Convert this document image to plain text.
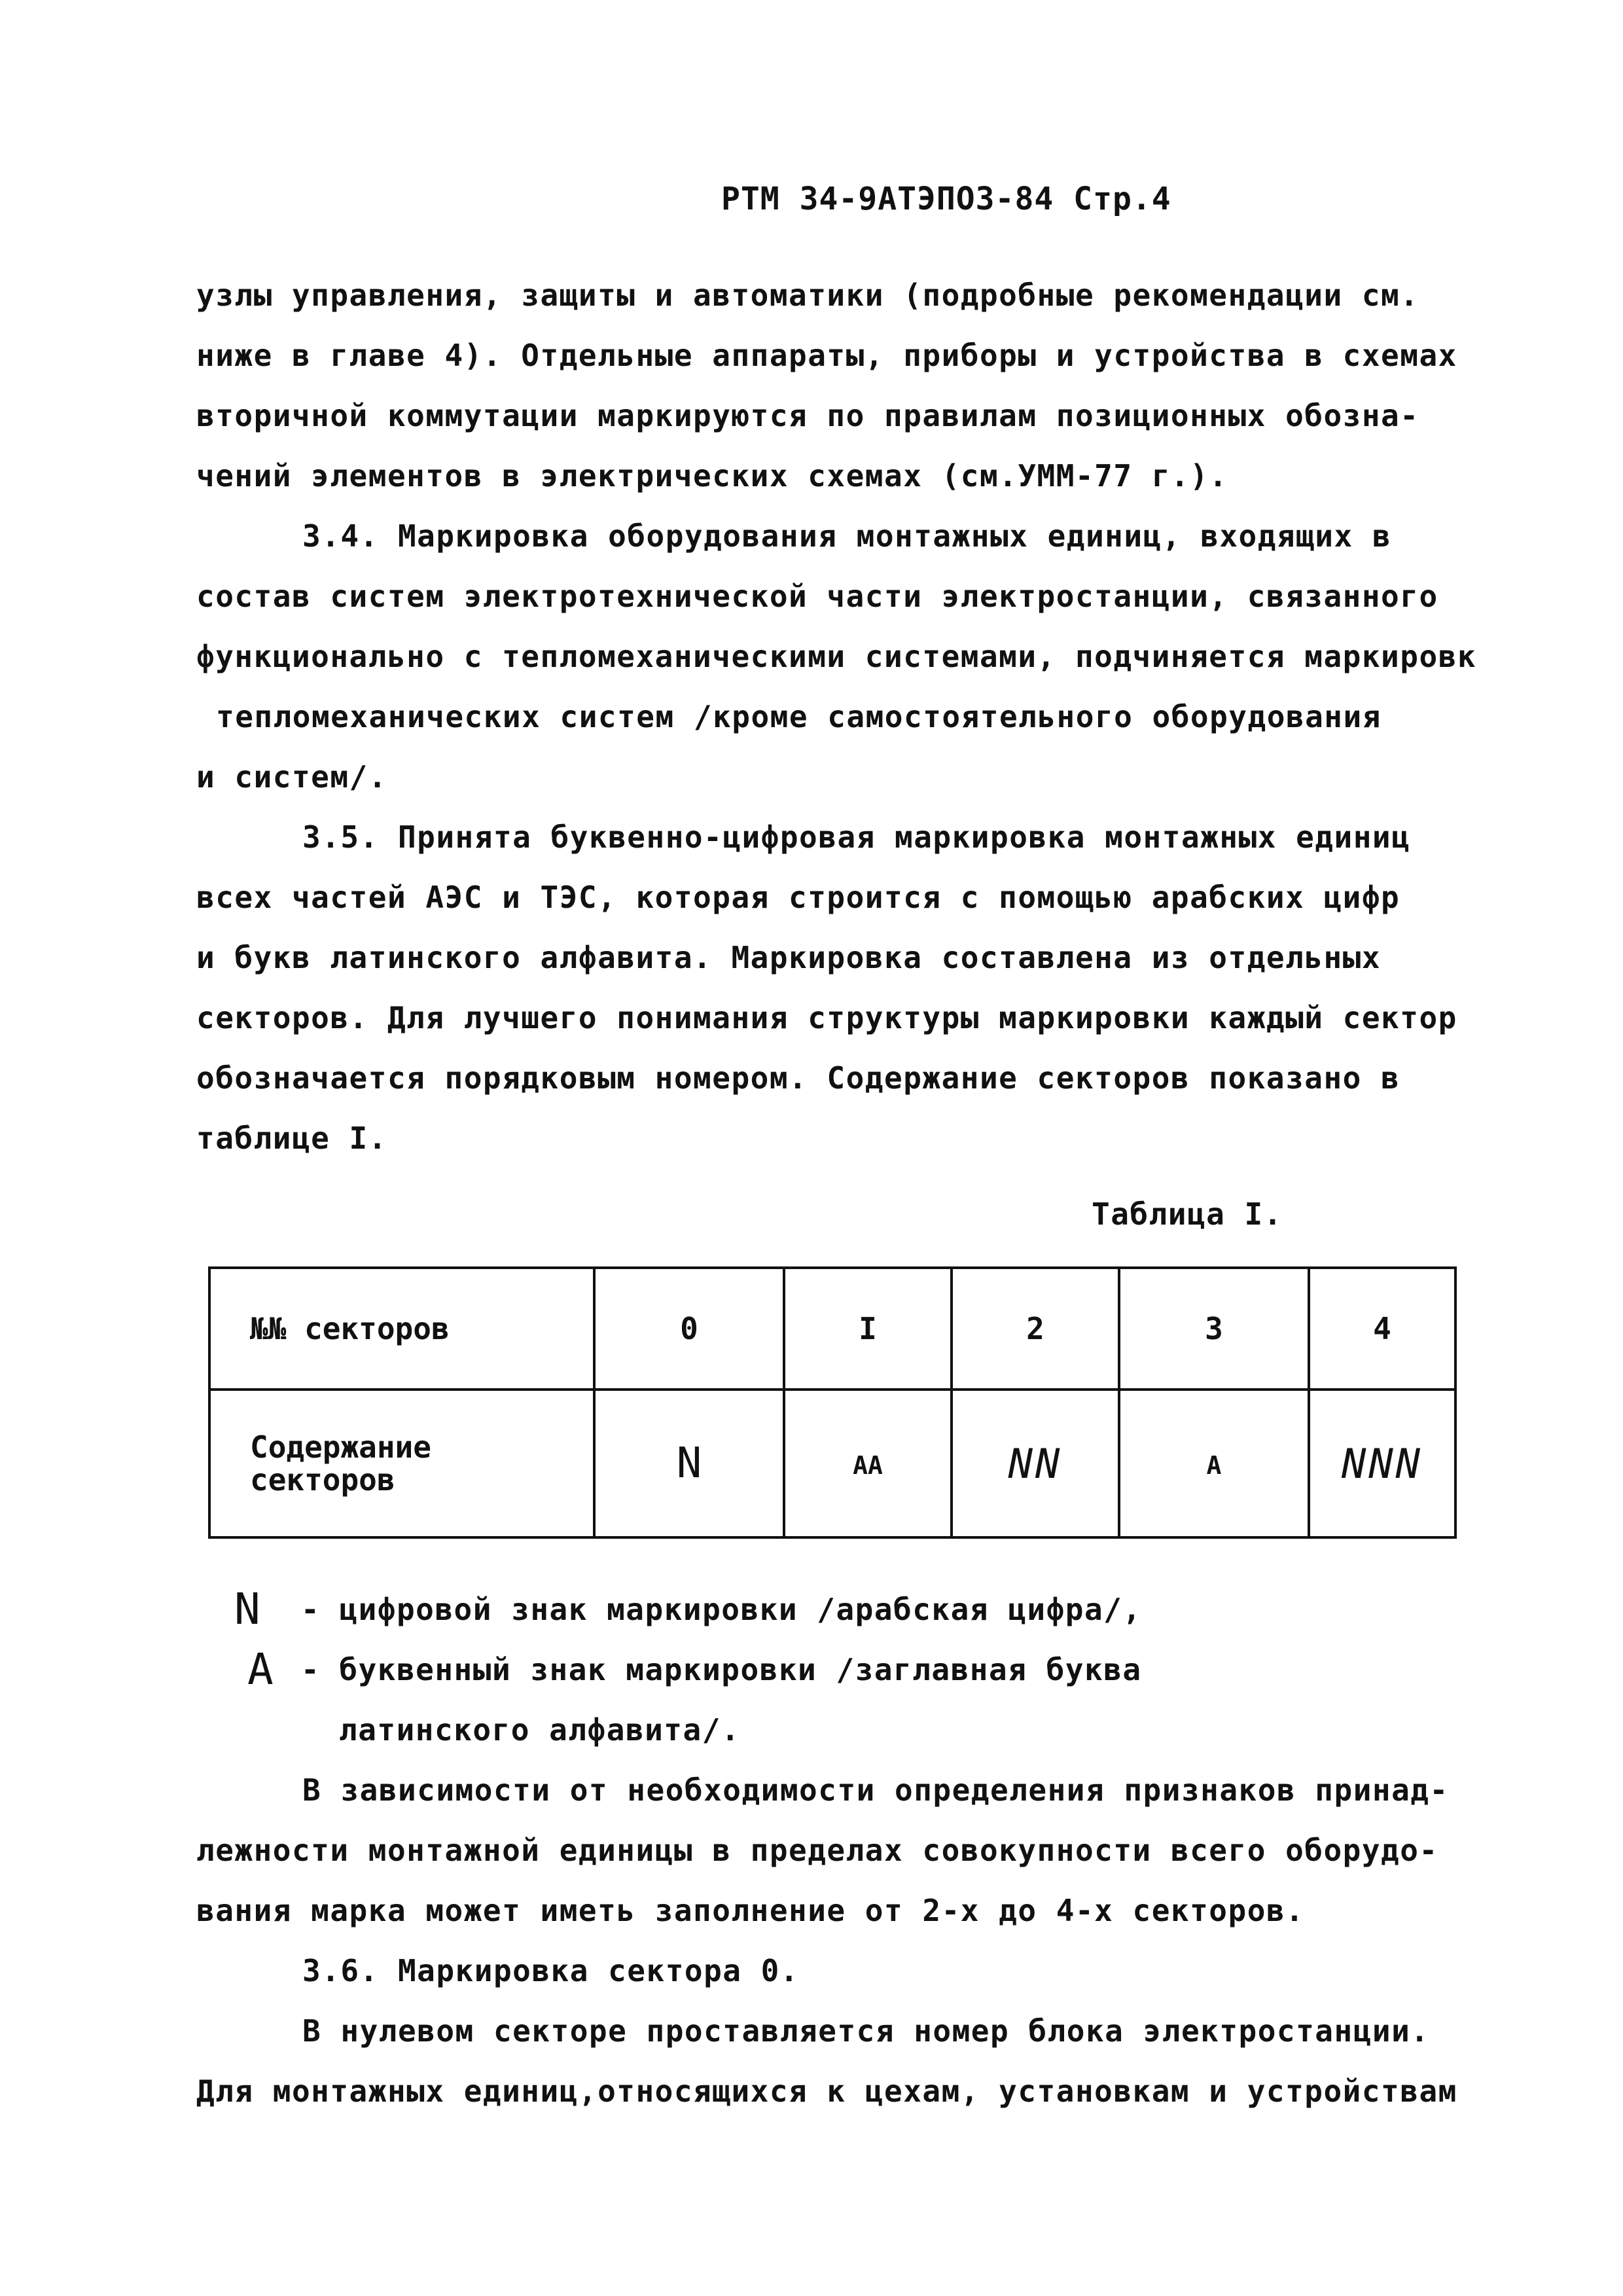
РТМ 34-9АТЭПОЗ-84 Стр.4
узлы управления, защиты и автоматики (подробные рекомендации см.
ниже в главе 4). Отдельные аппараты, приборы и устройства в схемах
вторичной коммутации маркируются по правилам позиционных обозна-
чений элементов в электрических схемах (см.УММ-77 г.).
3.4. Маркировка оборудования монтажных единиц, входящих в
состав систем электротехнической части электростанции, связанного
функционально с тепломеханическими системами, подчиняется маркировк
тепломеханических систем /кроме самостоятельного оборудования
и систем/.
3.5. Принята буквенно-цифровая маркировка монтажных единиц
всех частей АЭС и ТЭС, которая строится с помощью арабских цифр
и букв латинского алфавита. Маркировка составлена из отдельных
секторов. Для лучшего понимания структуры маркировки каждый сектор
обозначается порядковым номером. Содержание секторов показано в
таблице I.
Таблица I.
№№ секторов	0	I	2	3	4

Содержание
секторов	N	AA	NN	A	NNN
N - цифровой знак маркировки /арабская цифра/,
A - буквенный знак маркировки /заглавная буква
латинского алфавита/.
В зависимости от необходимости определения признаков принад-
лежности монтажной единицы в пределах совокупности всего оборудо-
вания марка может иметь заполнение от 2-х до 4-х секторов.
3.6. Маркировка сектора 0.
В нулевом секторе проставляется номер блока электростанции.
Для монтажных единиц,относящихся к цехам, установкам и устройствам
